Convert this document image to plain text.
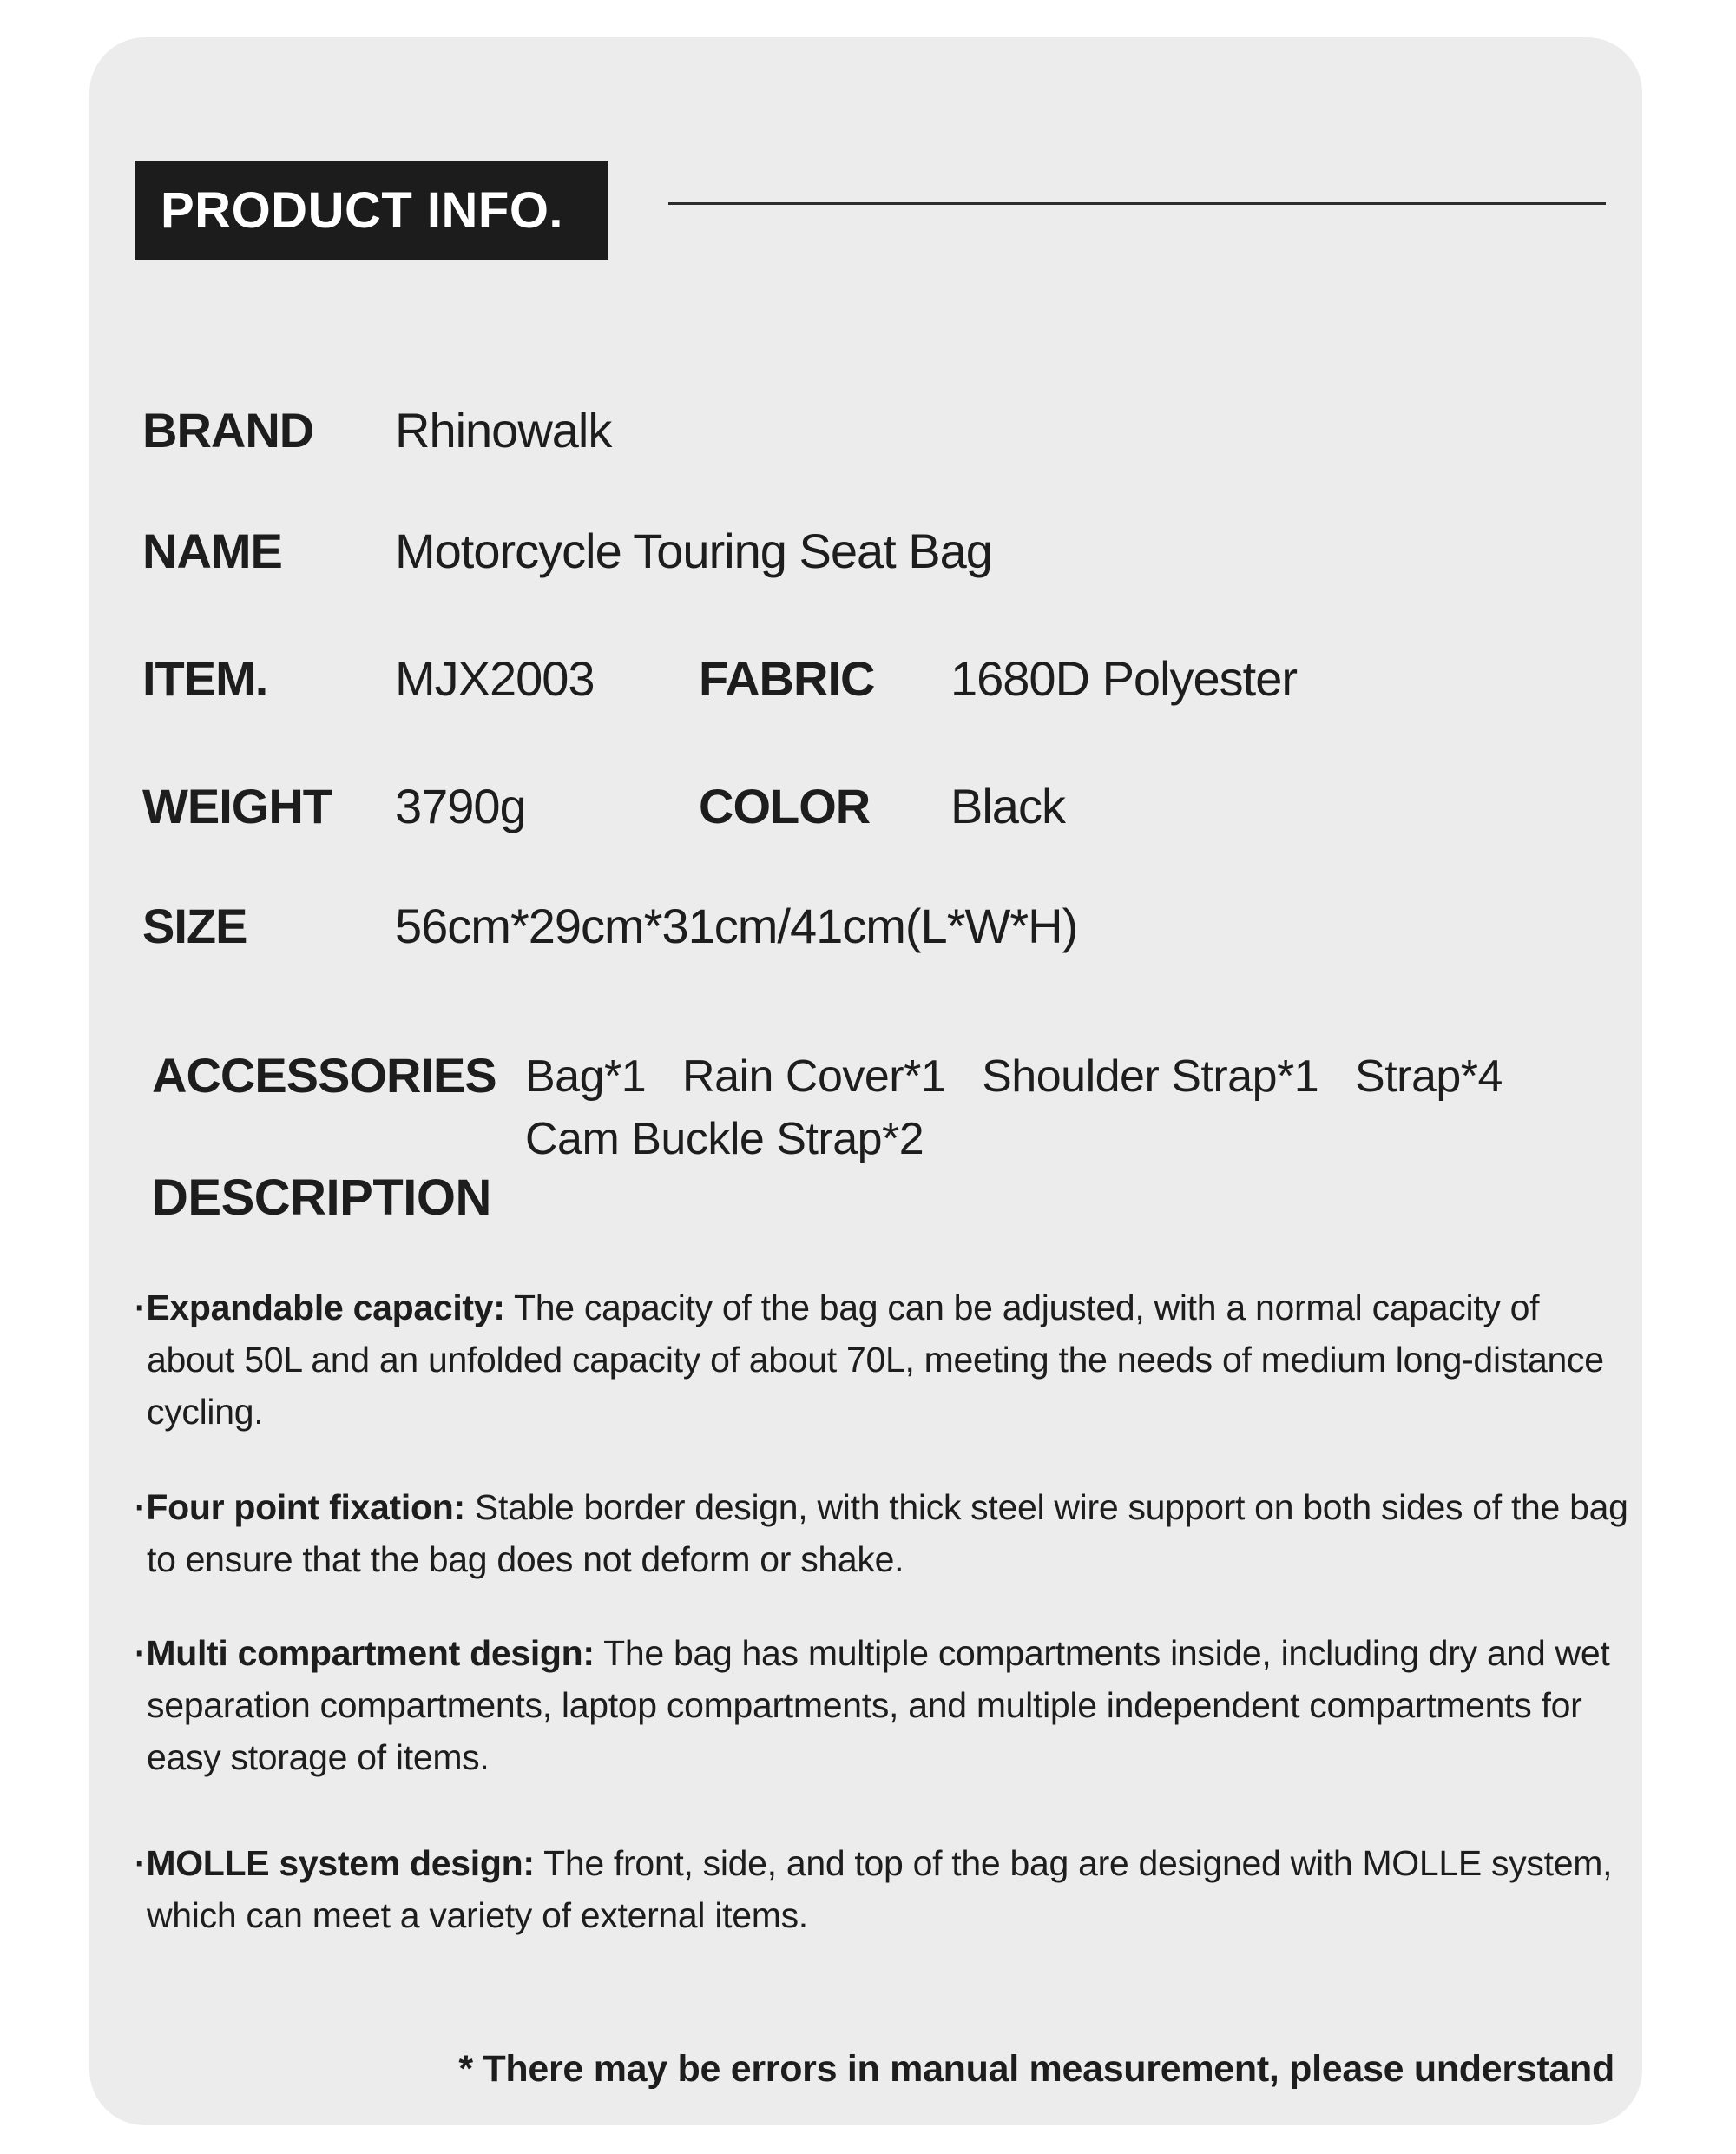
PRODUCT INFO.
BRAND Rhinowalk
NAME Motorcycle Touring Seat Bag
ITEM.	MJX2003 FABRIC 1680D Polyester
WEIGHT 3790g	COLOR Black
SIZE	56cm*29cm*31cm/41cm(L*W*H)
ACCESSORIES Bag*1   Rain Cover*1   Shoulder Strap*1   Strap*4
Cam Buckle Strap*2
DESCRIPTION

·Expandable capacity: The capacity of the bag can be adjusted, with a normal capacity of about 50L and an unfolded capacity of about 70L, meeting the needs of medium long-distance cycling.

·Four point fixation: Stable border design, with thick steel wire support on both sides of the bag to ensure that the bag does not deform or shake.

·Multi compartment design: The bag has multiple compartments inside, including dry and wet separation compartments, laptop compartments, and multiple independent compartments for easy storage of items.

·MOLLE system design: The front, side, and top of the bag are designed with MOLLE system, which can meet a variety of external items.

* There may be errors in manual measurement, please understand
